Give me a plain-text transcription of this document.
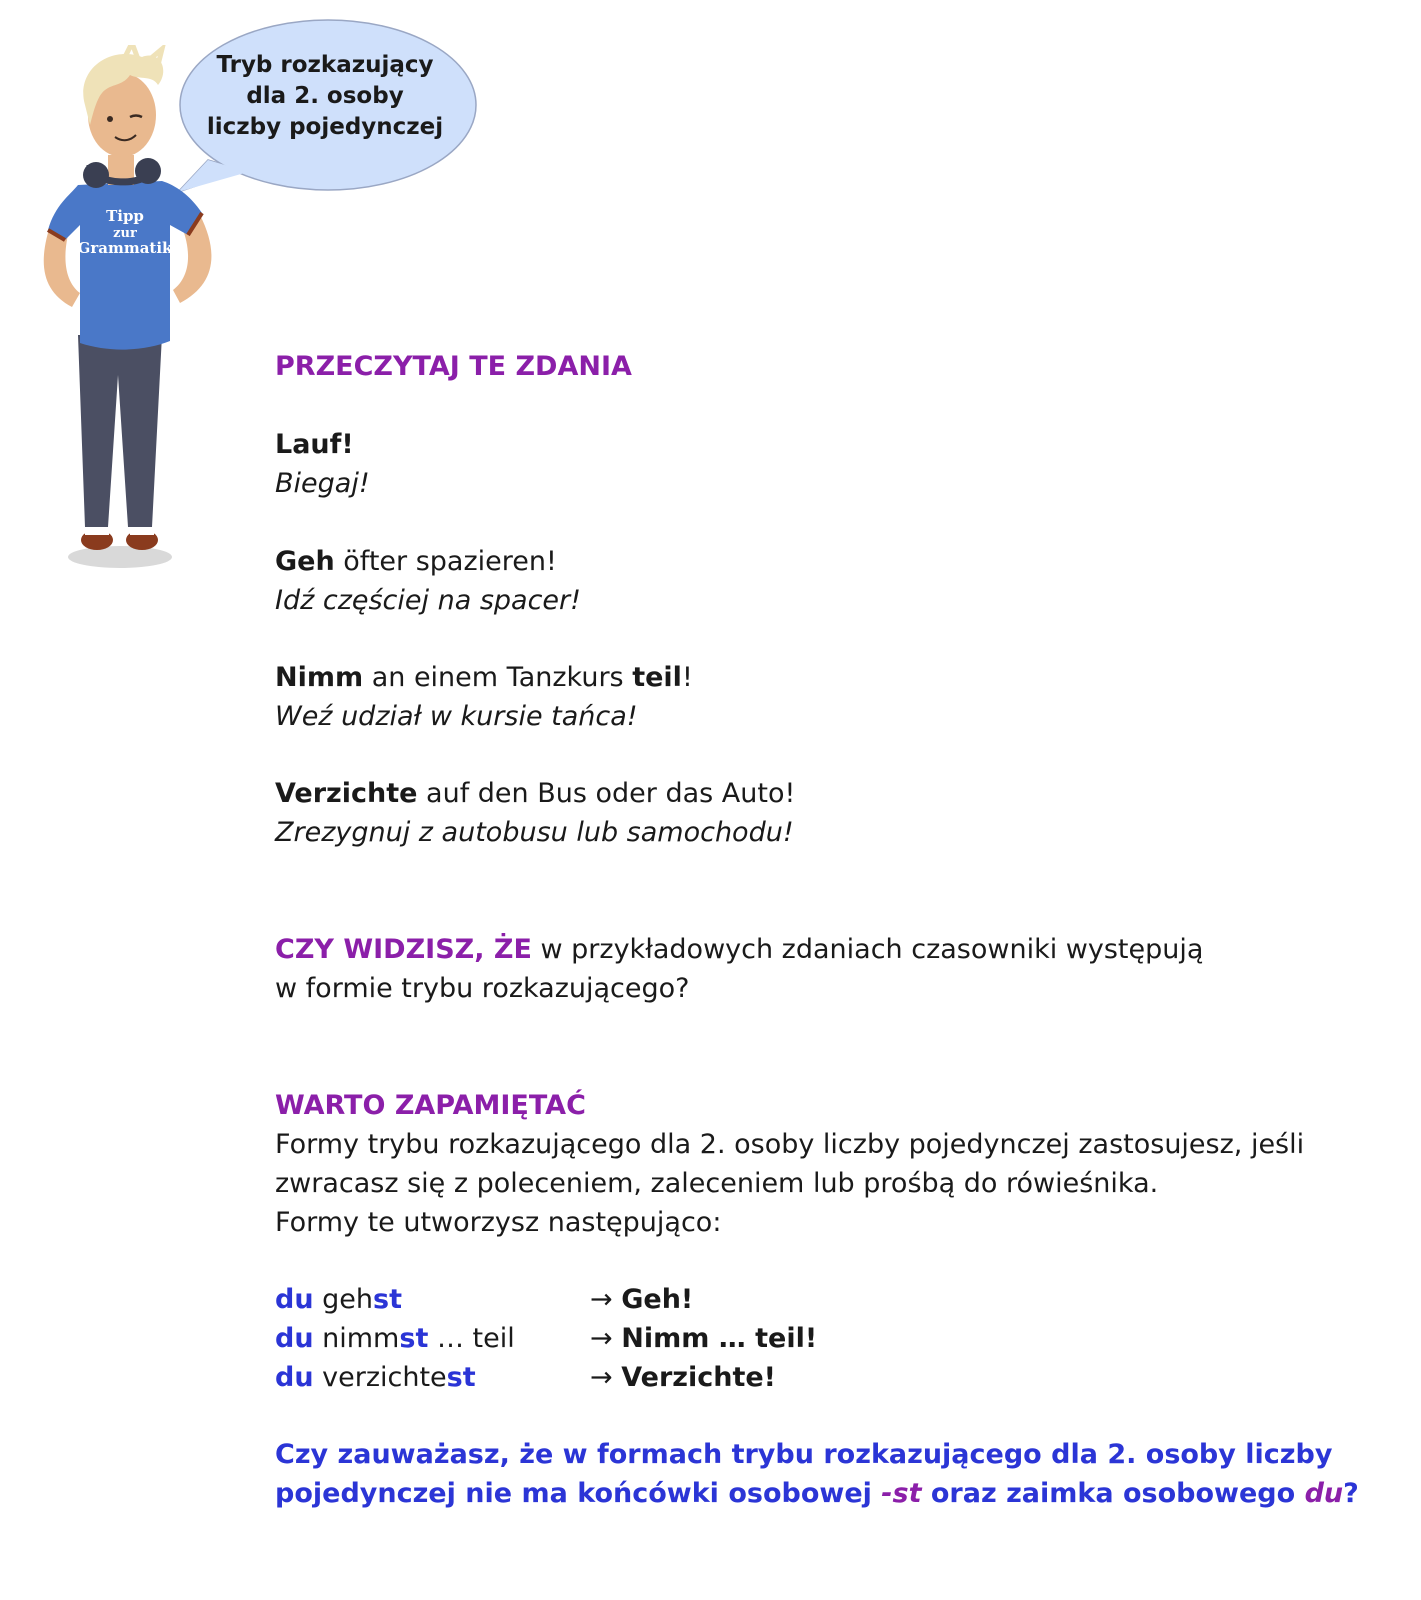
Tryb rozkazujący
dla 2. osoby
liczby pojedynczej
Tipp
zur
Grammatik
PRZECZYTAJ TE ZDANIA
Lauf!
Biegaj!
Geh öfter spazieren!
Idź częściej na spacer!
Nimm an einem Tanzkurs teil!
Weź udział w kursie tańca!
Verzichte auf den Bus oder das Auto!
Zrezygnuj z autobusu lub samochodu!
CZY WIDZISZ, ŻE w przykładowych zdaniach czasowniki występują
w formie trybu rozkazującego?
WARTO ZAPAMIĘTAĆ
Formy trybu rozkazującego dla 2. osoby liczby pojedynczej zastosujesz, jeśli
zwracasz się z poleceniem, zaleceniem lub prośbą do rówieśnika.
Formy te utworzysz następująco:
du gehst	→ Geh!
du nimmst … teil	→ Nimm … teil!
du verzichtest	→ Verzichte!
Czy zauważasz, że w formach trybu rozkazującego dla 2. osoby liczby
pojedynczej nie ma końcówki osobowej -st oraz zaimka osobowego du?
